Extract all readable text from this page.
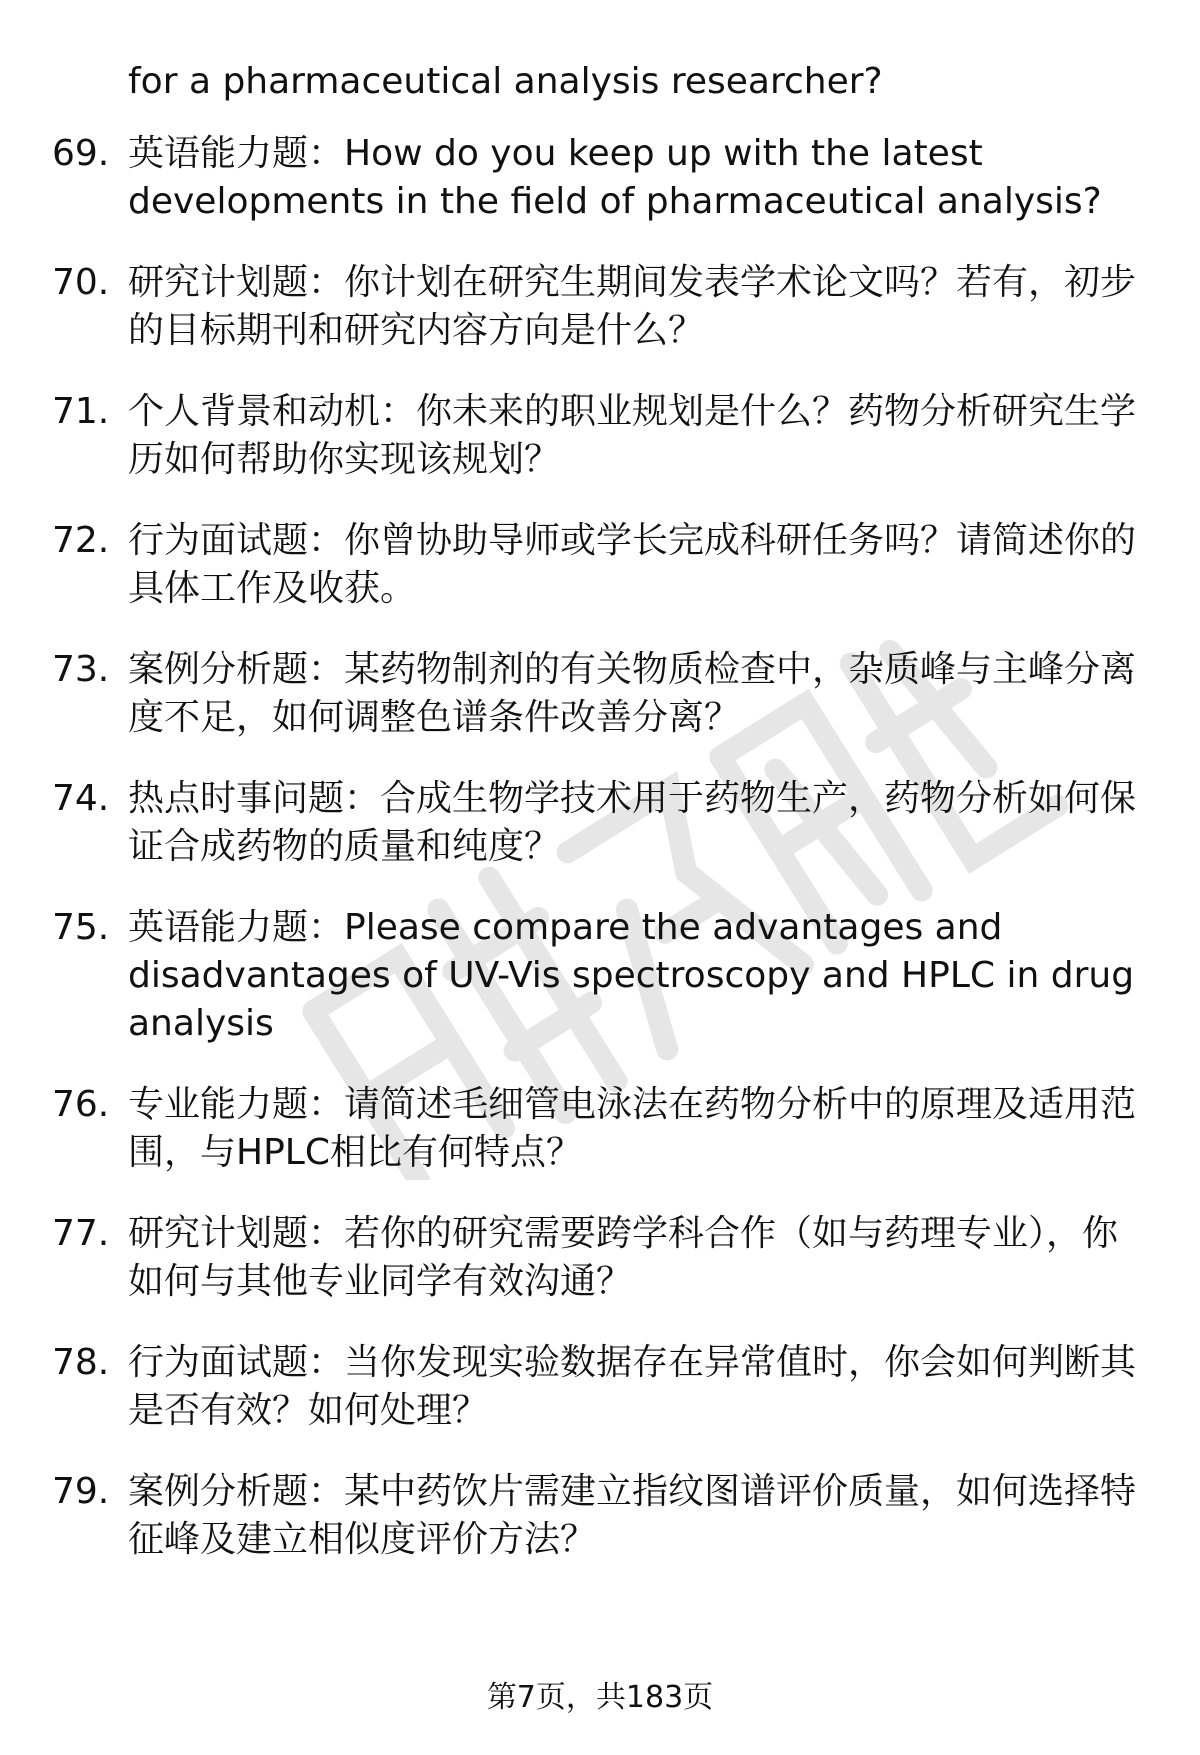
for a pharmaceutical analysis researcher?
69. 英语能力题：How do you keep up with the latest developments in the field of pharmaceutical analysis?
70. 研究计划题：你计划在研究生期间发表学术论文吗？若有，初步的目标期刊和研究内容方向是什么？
71. 个人背景和动机：你未来的职业规划是什么？药物分析研究生学历如何帮助你实现该规划？
72. 行为面试题：你曾协助导师或学长完成科研任务吗？请简述你的具体工作及收获。
73. 案例分析题：某药物制剂的有关物质检查中，杂质峰与主峰分离度不足，如何调整色谱条件改善分离？
74. 热点时事问题：合成生物学技术用于药物生产，药物分析如何保证合成药物的质量和纯度？
75. 英语能力题：Please compare the advantages and disadvantages of UV-Vis spectroscopy and HPLC in drug analysis
76. 专业能力题：请简述毛细管电泳法在药物分析中的原理及适用范围，与HPLC相比有何特点？
77. 研究计划题：若你的研究需要跨学科合作（如与药理专业），你如何与其他专业同学有效沟通？
78. 行为面试题：当你发现实验数据存在异常值时，你会如何判断其是否有效？如何处理？
79. 案例分析题：某中药饮片需建立指纹图谱评价质量，如何选择特征峰及建立相似度评价方法？
第7页，共183页
